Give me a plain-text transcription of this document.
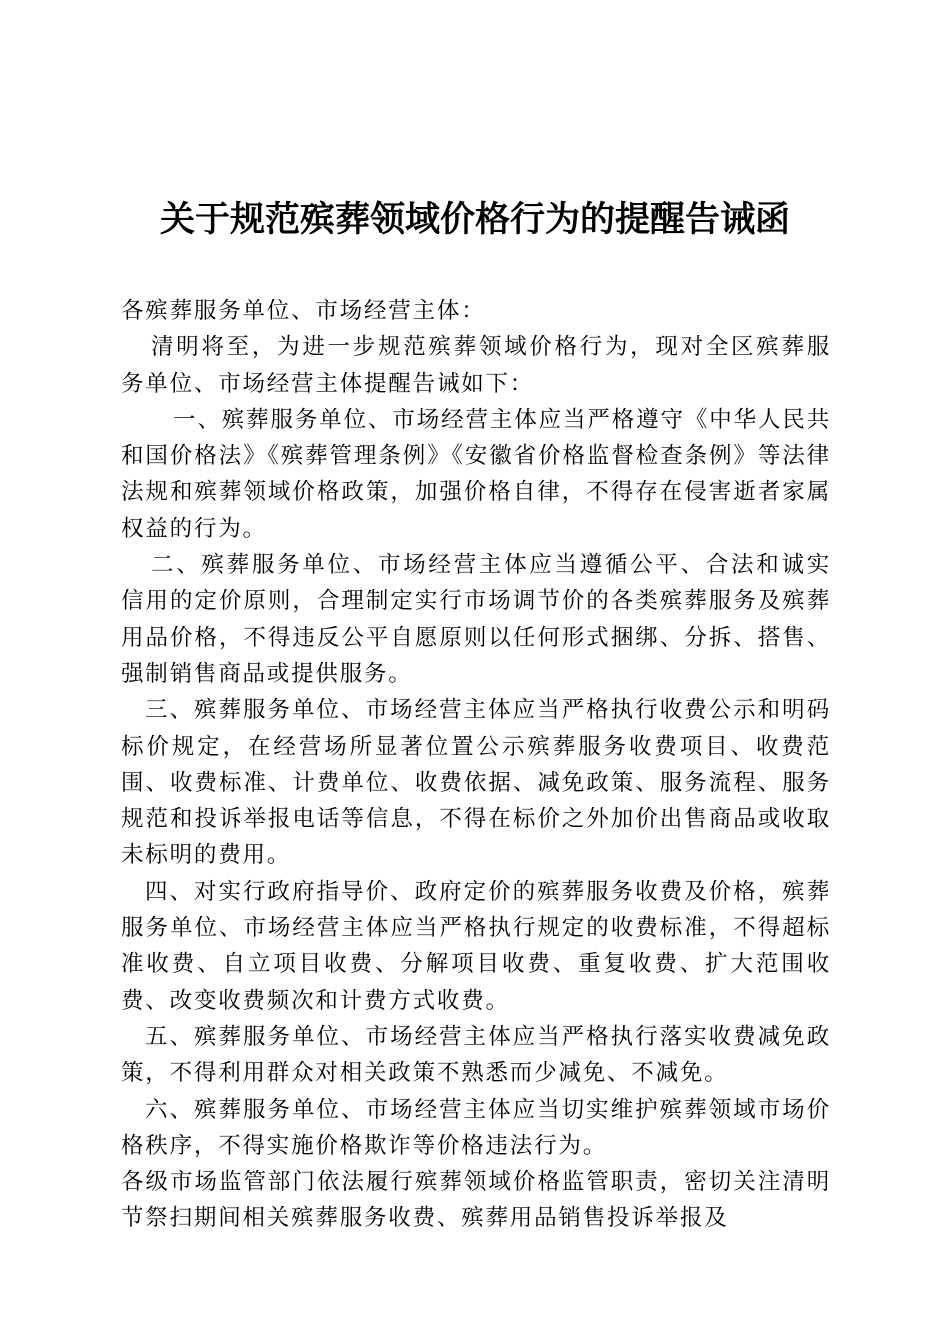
关于规范殡葬领域价格行为的提醒告诫函

各殡葬服务单位、市场经营主体：

清明将至，为进一步规范殡葬领域价格行为，现对全区殡葬服务单位、市场经营主体提醒告诫如下：

一、殡葬服务单位、市场经营主体应当严格遵守《中华人民共和国价格法》《殡葬管理条例》《安徽省价格监督检查条例》等法律法规和殡葬领域价格政策，加强价格自律，不得存在侵害逝者家属权益的行为。

二、殡葬服务单位、市场经营主体应当遵循公平、合法和诚实信用的定价原则，合理制定实行市场调节价的各类殡葬服务及殡葬用品价格，不得违反公平自愿原则以任何形式捆绑、分拆、搭售、强制销售商品或提供服务。

三、殡葬服务单位、市场经营主体应当严格执行收费公示和明码标价规定，在经营场所显著位置公示殡葬服务收费项目、收费范围、收费标准、计费单位、收费依据、减免政策、服务流程、服务规范和投诉举报电话等信息，不得在标价之外加价出售商品或收取未标明的费用。

四、对实行政府指导价、政府定价的殡葬服务收费及价格，殡葬服务单位、市场经营主体应当严格执行规定的收费标准，不得超标准收费、自立项目收费、分解项目收费、重复收费、扩大范围收费、改变收费频次和计费方式收费。

五、殡葬服务单位、市场经营主体应当严格执行落实收费减免政策，不得利用群众对相关政策不熟悉而少减免、不减免。

六、殡葬服务单位、市场经营主体应当切实维护殡葬领域市场价格秩序，不得实施价格欺诈等价格违法行为。

各级市场监管部门依法履行殡葬领域价格监管职责，密切关注清明节祭扫期间相关殡葬服务收费、殡葬用品销售投诉举报及
